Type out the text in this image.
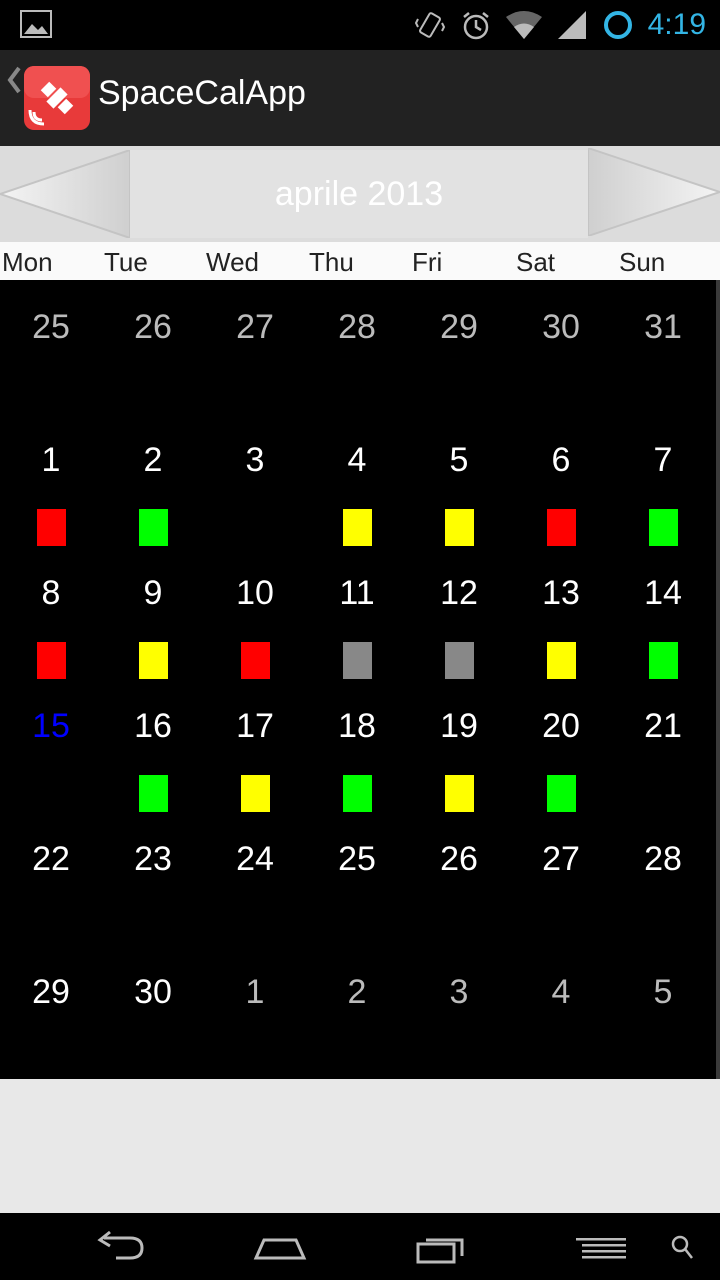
4:19
SpaceCalApp
aprile 2013
Mon Tue Wed Thu Fri	Sat Sun
25	26	27	28	29	30	31
1	2	3	4	5	6	7
8	9	10	11	12	13	14
15	16	17	18	19	20	21
22	23	24	25	26	27	28
29	30	1	2	3	4	5
